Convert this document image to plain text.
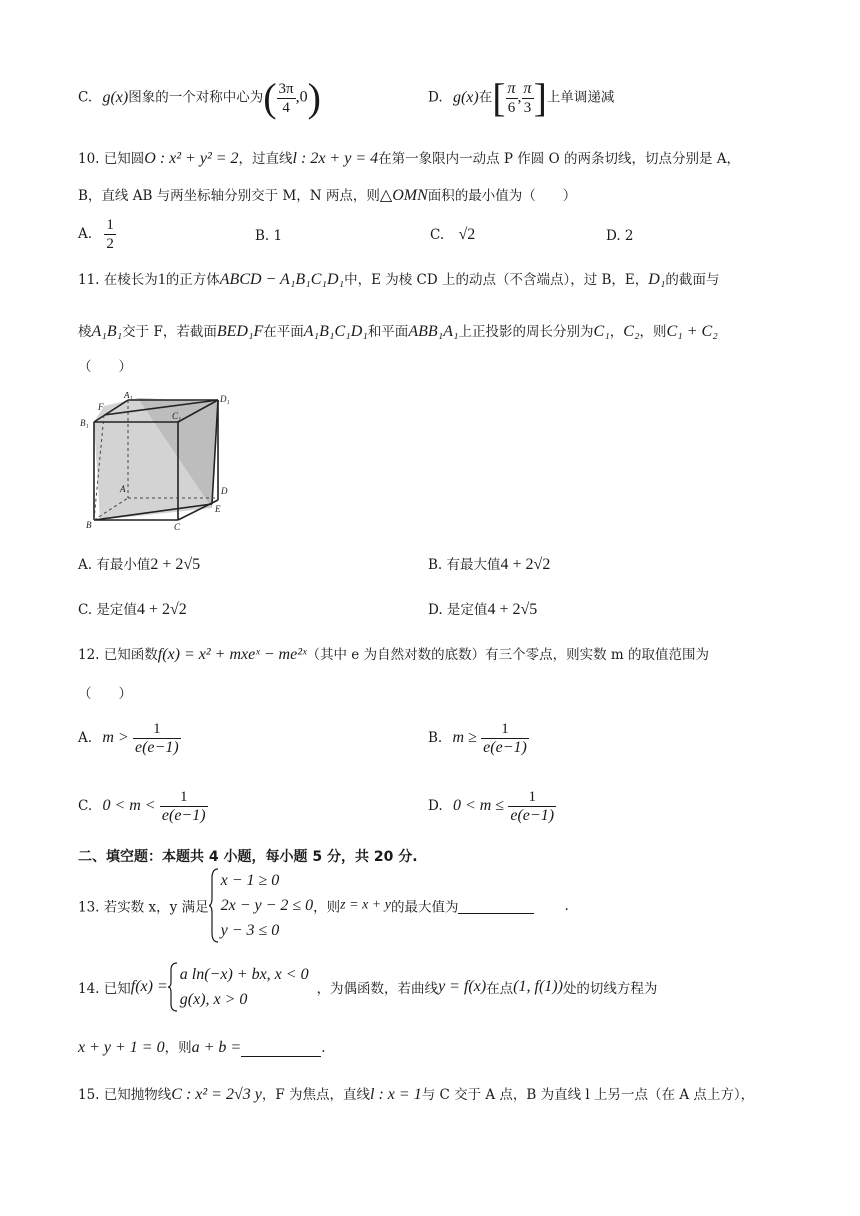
C. g(x)图象的一个对称中心为( $\frac{3\pi}{4} ,0$)	D. g(x)在[ $\frac{\pi}{6}$ , $\frac{\pi}{3}$ ]上单调递减
10. 已知圆O : x² + y² = 2，过直线l : 2x + y = 4在第一象限内一动点 P 作圆 O 的两条切线，切点分别是 A，
B，直线 AB 与两坐标轴分别交于 M，N 两点，则△OMN面积的最小值为（　　）
A. $\frac{1}{2}$	B. 1	C. √2	D. 2
11. 在棱长为1的正方体ABCD − A₁B₁C₁D₁中，E 为棱 CD 上的动点（不含端点），过 B，E，D₁的截面与
棱A₁B₁交于 F，若截面BED₁F在平面A₁B₁C₁D₁和平面ABB₁A₁上正投影的周长分别为C₁，C₂，则C₁ + C₂
（　　）
A₁	D₁
F
C₁
B₁
A	D
E
B	C
A. 有最小值2 + 2√5	B. 有最大值4 + 2√2
C. 是定值4 + 2√2	D. 是定值4 + 2√5
12. 已知函数f(x) = x² + mxeˣ − me²ˣ（其中 e 为自然对数的底数）有三个零点，则实数 m 的取值范围为
（　　）
A. $m > \frac{1}{e(e-1)}$	B. $m \ge \frac{1}{e(e-1)}$
C. $0 < m < \frac{1}{e(e-1)}$	D. $0 < m \le \frac{1}{e(e-1)}$
二、填空题：本题共 4 小题，每小题 5 分，共 20 分.
13. 若实数 x，y 满足
x − 1 ≥ 0
2x − y − 2 ≤ 0
y − 3 ≤ 0
，则z = x + y的最大值为	.
14. 已知f(x) =
a ln(−x) + bx, x < 0
g(x), x > 0
，为偶函数，若曲线y = f(x)在点(1, f(1))处的切线方程为
x + y + 1 = 0，则a + b =	.
15. 已知抛物线C : x² = 2√3 y，F 为焦点，直线l : x = 1与 C 交于 A 点，B 为直线 l 上另一点（在 A 点上方），
